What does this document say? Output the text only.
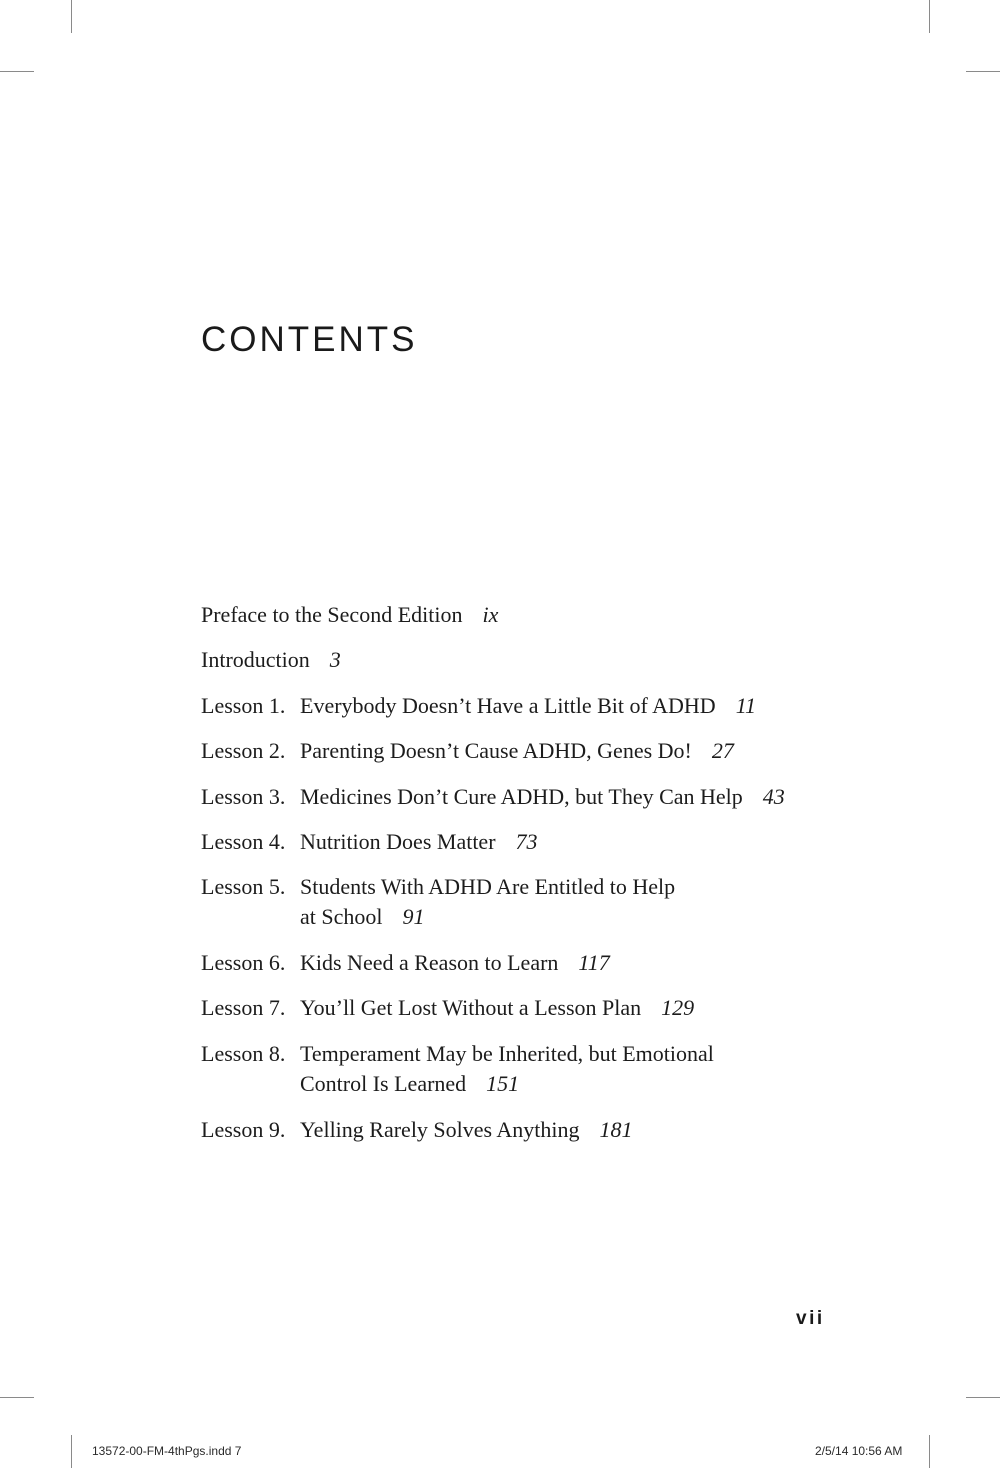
CONTENTS
Preface to the Second Edition ix
Introduction 3
Lesson 1. Everybody Doesn’t Have a Little Bit of ADHD 11
Lesson 2. Parenting Doesn’t Cause ADHD, Genes Do! 27
Lesson 3. Medicines Don’t Cure ADHD, but They Can Help 43
Lesson 4. Nutrition Does Matter 73
Lesson 5. Students With ADHD Are Entitled to Help
at School 91
Lesson 6. Kids Need a Reason to Learn 117
Lesson 7. You’ll Get Lost Without a Lesson Plan 129
Lesson 8. Temperament May be Inherited, but Emotional
Control Is Learned 151
Lesson 9. Yelling Rarely Solves Anything 181
vii
13572-00-FM-4thPgs.indd 7	2/5/14 10:56 AM
